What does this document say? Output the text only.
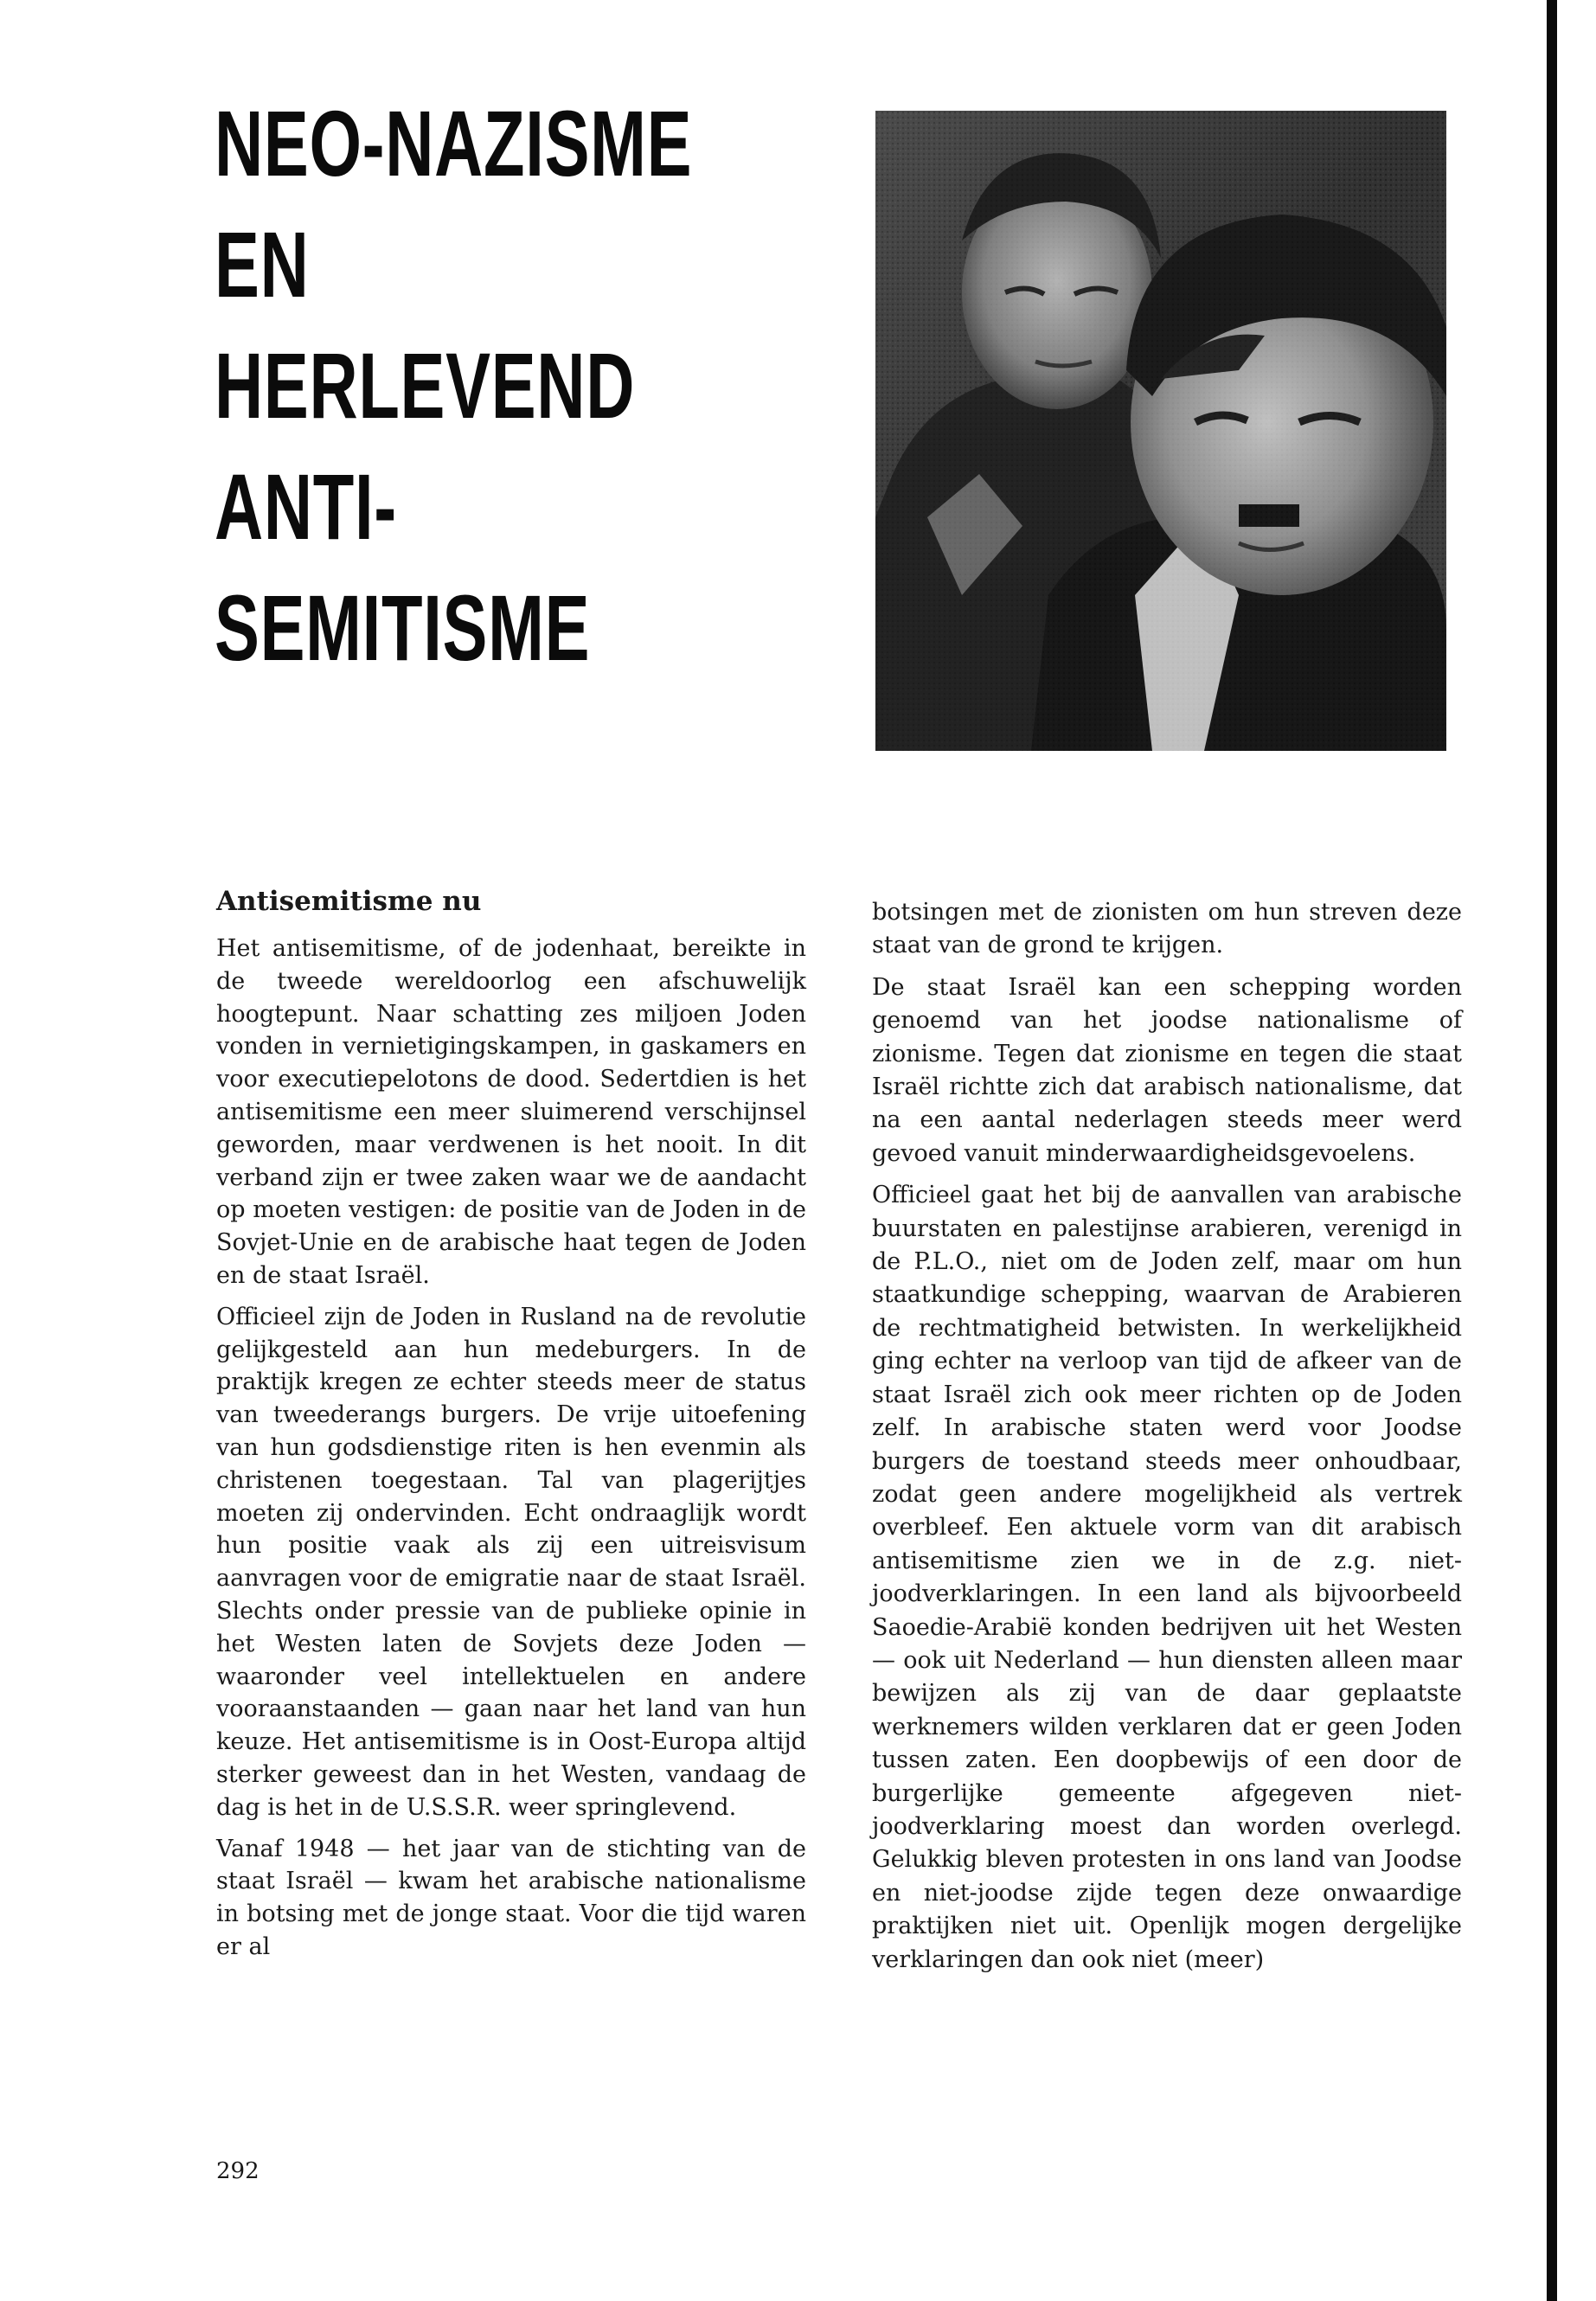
NEO-NAZISME
EN
HERLEVEND
ANTI-
SEMITISME
Antisemitisme nu

Het antisemitisme, of de jodenhaat, bereikte in de tweede wereldoorlog een afschuwelijk hoogtepunt. Naar schatting zes miljoen Joden vonden in vernietigingskampen, in gaskamers en voor executiepelotons de dood. Sedertdien is het antisemitisme een meer sluimerend verschijnsel geworden, maar verdwenen is het nooit. In dit verband zijn er twee zaken waar we de aandacht op moeten vestigen: de positie van de Joden in de Sovjet-Unie en de arabische haat tegen de Joden en de staat Israël.

Officieel zijn de Joden in Rusland na de revolutie gelijkgesteld aan hun medeburgers. In de praktijk kregen ze echter steeds meer de status van tweederangs burgers. De vrije uitoefening van hun godsdienstige riten is hen evenmin als christenen toegestaan. Tal van plagerijtjes moeten zij ondervinden. Echt ondraaglijk wordt hun positie vaak als zij een uitreisvisum aanvragen voor de emigratie naar de staat Israël. Slechts onder pressie van de publieke opinie in het Westen laten de Sovjets deze Joden — waaronder veel intellektuelen en andere vooraanstaanden — gaan naar het land van hun keuze. Het antisemitisme is in Oost-Europa altijd sterker geweest dan in het Westen, vandaag de dag is het in de U.S.S.R. weer springlevend.

Vanaf 1948 — het jaar van de stichting van de staat Israël — kwam het arabische nationalisme in botsing met de jonge staat. Voor die tijd waren er al

botsingen met de zionisten om hun streven deze staat van de grond te krijgen.

De staat Israël kan een schepping worden genoemd van het joodse nationalisme of zionisme. Tegen dat zionisme en tegen die staat Israël richtte zich dat arabisch nationalisme, dat na een aantal nederlagen steeds meer werd gevoed vanuit minderwaardigheidsgevoelens.

Officieel gaat het bij de aanvallen van arabische buurstaten en palestijnse arabieren, verenigd in de P.L.O., niet om de Joden zelf, maar om hun staatkundige schepping, waarvan de Arabieren de rechtmatigheid betwisten. In werkelijkheid ging echter na verloop van tijd de afkeer van de staat Israël zich ook meer richten op de Joden zelf. In arabische staten werd voor Joodse burgers de toestand steeds meer onhoudbaar, zodat geen andere mogelijkheid als vertrek overbleef. Een aktuele vorm van dit arabisch antisemitisme zien we in de z.g. niet-joodverklaringen. In een land als bijvoorbeeld Saoedie-Arabië konden bedrijven uit het Westen — ook uit Nederland — hun diensten alleen maar bewijzen als zij van de daar geplaatste werknemers wilden verklaren dat er geen Joden tussen zaten. Een doopbewijs of een door de burgerlijke gemeente afgegeven niet-joodverklaring moest dan worden overlegd. Gelukkig bleven protesten in ons land van Joodse en niet-joodse zijde tegen deze onwaardige praktijken niet uit. Openlijk mogen dergelijke verklaringen dan ook niet (meer)

292
